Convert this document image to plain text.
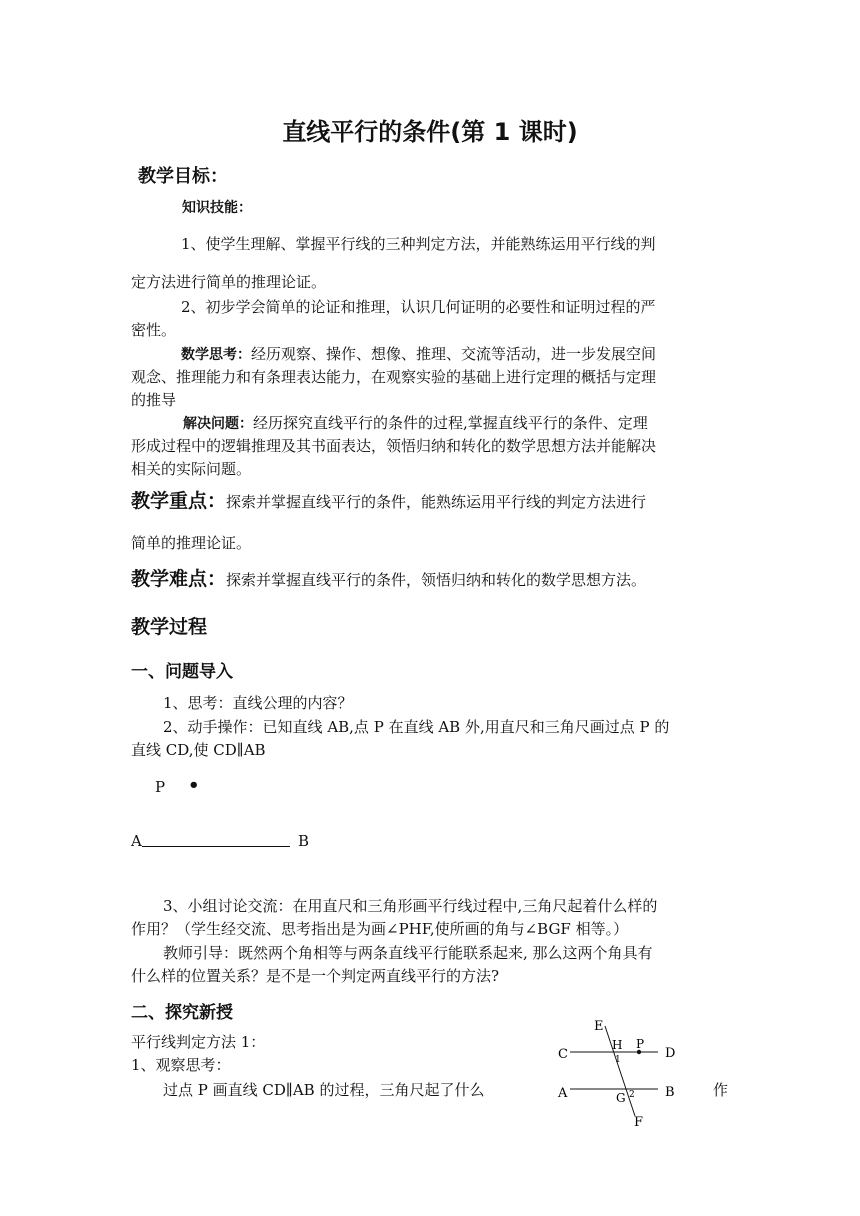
直线平行的条件(第 1 课时)
教学目标：
知识技能：
1、使学生理解、掌握平行线的三种判定方法，并能熟练运用平行线的判
定方法进行简单的推理论证。
2、初步学会简单的论证和推理，认识几何证明的必要性和证明过程的严
密性。
数学思考：经历观察、操作、想像、推理、交流等活动，进一步发展空间
观念、推理能力和有条理表达能力，在观察实验的基础上进行定理的概括与定理
的推导
解决问题：经历探究直线平行的条件的过程,掌握直线平行的条件、定理
形成过程中的逻辑推理及其书面表达，领悟归纳和转化的数学思想方法并能解决
相关的实际问题。
教学重点：探索并掌握直线平行的条件，能熟练运用平行线的判定方法进行
简单的推理论证。
教学难点：探索并掌握直线平行的条件，领悟归纳和转化的数学思想方法。
教学过程
一、问题导入
1、思考：直线公理的内容？
2、动手操作：已知直线 AB,点 P 在直线 AB 外,用直尺和三角尺画过点 P 的
直线 CD,使 CD∥AB
P •
A	B
3、小组讨论交流：在用直尺和三角形画平行线过程中,三角尺起着什么样的
作用？（学生经交流、思考指出是为画∠PHF,使所画的角与∠BGF 相等。）
教师引导：既然两个角相等与两条直线平行能联系起来, 那么这两个角具有
什么样的位置关系？是不是一个判定两直线平行的方法?
二、探究新授
平行线判定方法 1：
1、观察思考：
过点 P 画直线 CD∥AB 的过程，三角尺起了什么	作
E
H P
C	D
1
A	B
G 2
F
